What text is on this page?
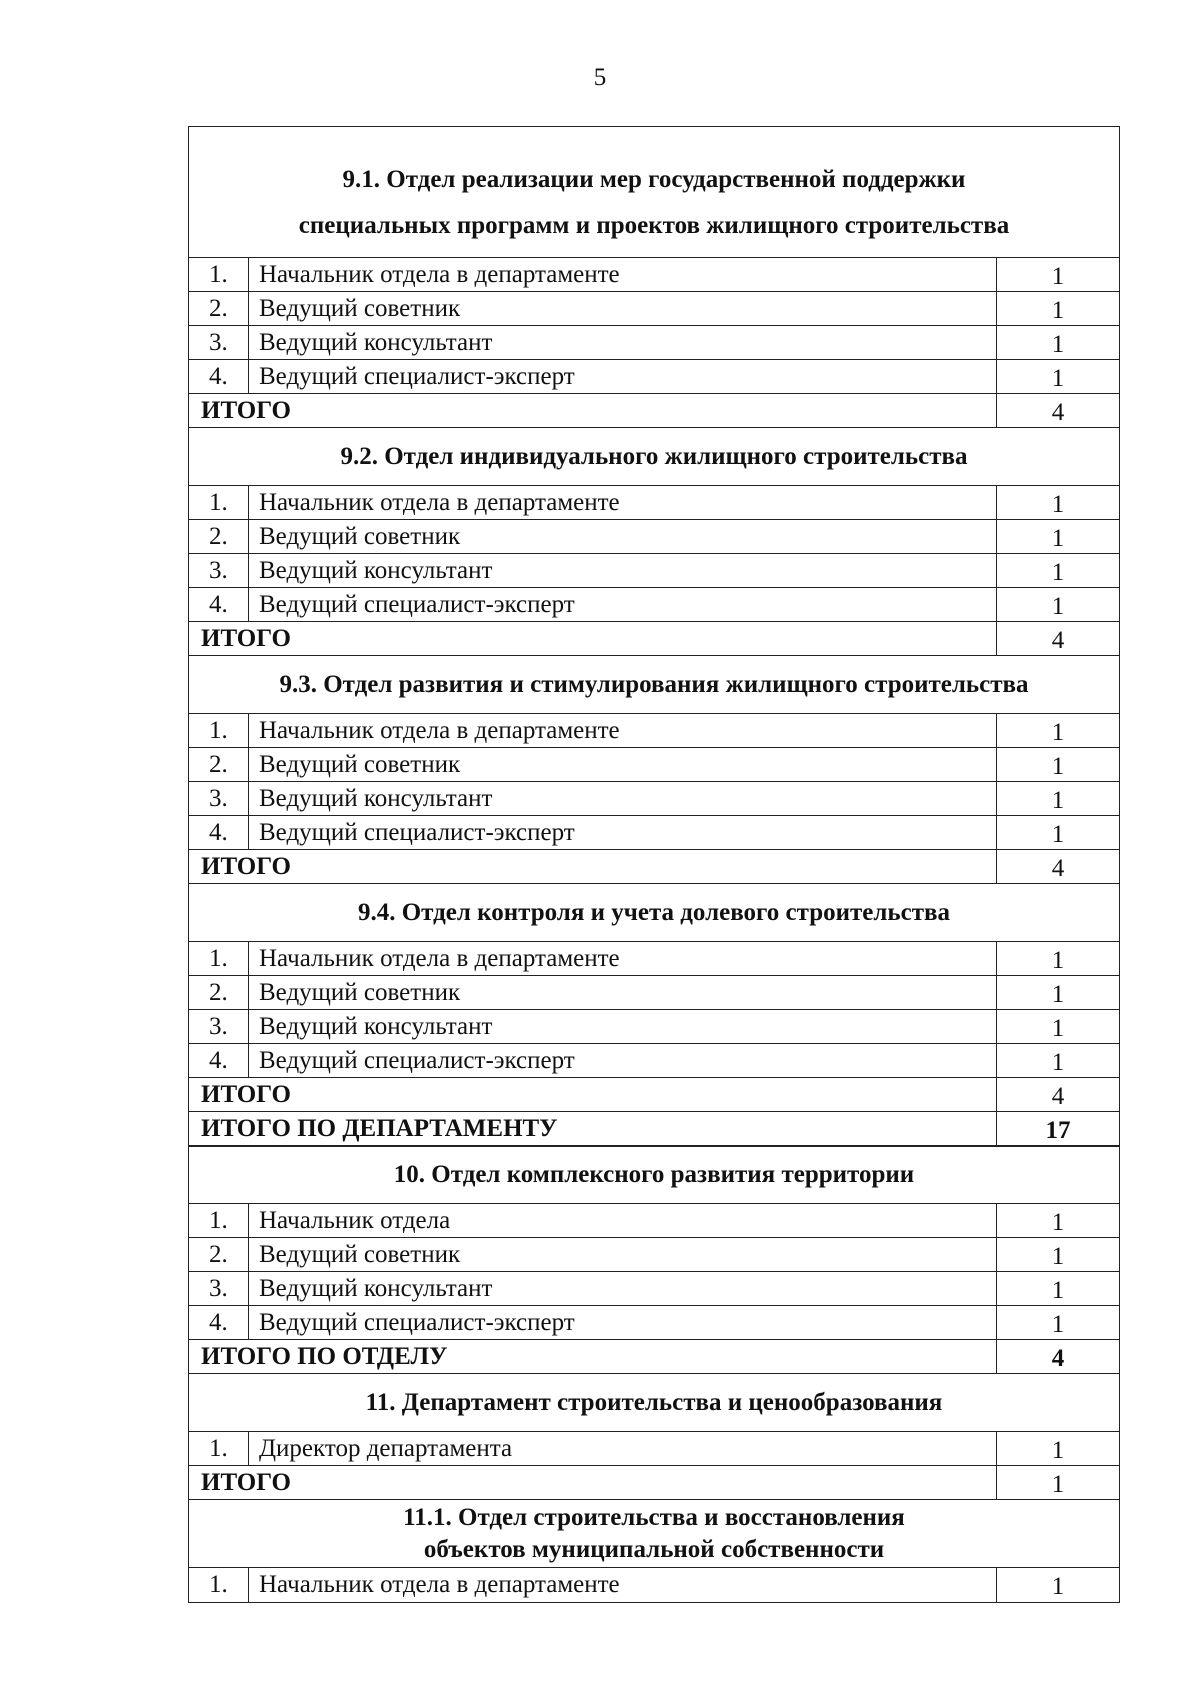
5
9.1. Отдел реализации мер государственной поддержки
специальных программ и проектов жилищного строительства
1.	Начальник отдела в департаменте	1
2.	Ведущий советник	1
3.	Ведущий консультант	1
4.	Ведущий специалист-эксперт	1
ИТОГО	4
9.2. Отдел индивидуального жилищного строительства
1.	Начальник отдела в департаменте	1
2.	Ведущий советник	1
3.	Ведущий консультант	1
4.	Ведущий специалист-эксперт	1
ИТОГО	4
9.3. Отдел развития и стимулирования жилищного строительства
1.	Начальник отдела в департаменте	1
2.	Ведущий советник	1
3.	Ведущий консультант	1
4.	Ведущий специалист-эксперт	1
ИТОГО	4
9.4. Отдел контроля и учета долевого строительства
1.	Начальник отдела в департаменте	1
2.	Ведущий советник	1
3.	Ведущий консультант	1
4.	Ведущий специалист-эксперт	1
ИТОГО	4
ИТОГО ПО ДЕПАРТАМЕНТУ	17
10. Отдел комплексного развития территории
1.	Начальник отдела	1
2.	Ведущий советник	1
3.	Ведущий консультант	1
4.	Ведущий специалист-эксперт	1
ИТОГО ПО ОТДЕЛУ	4
11. Департамент строительства и ценообразования
1.	Директор департамента	1
ИТОГО	1
11.1. Отдел строительства и восстановления
объектов муниципальной собственности
1.	Начальник отдела в департаменте	1
